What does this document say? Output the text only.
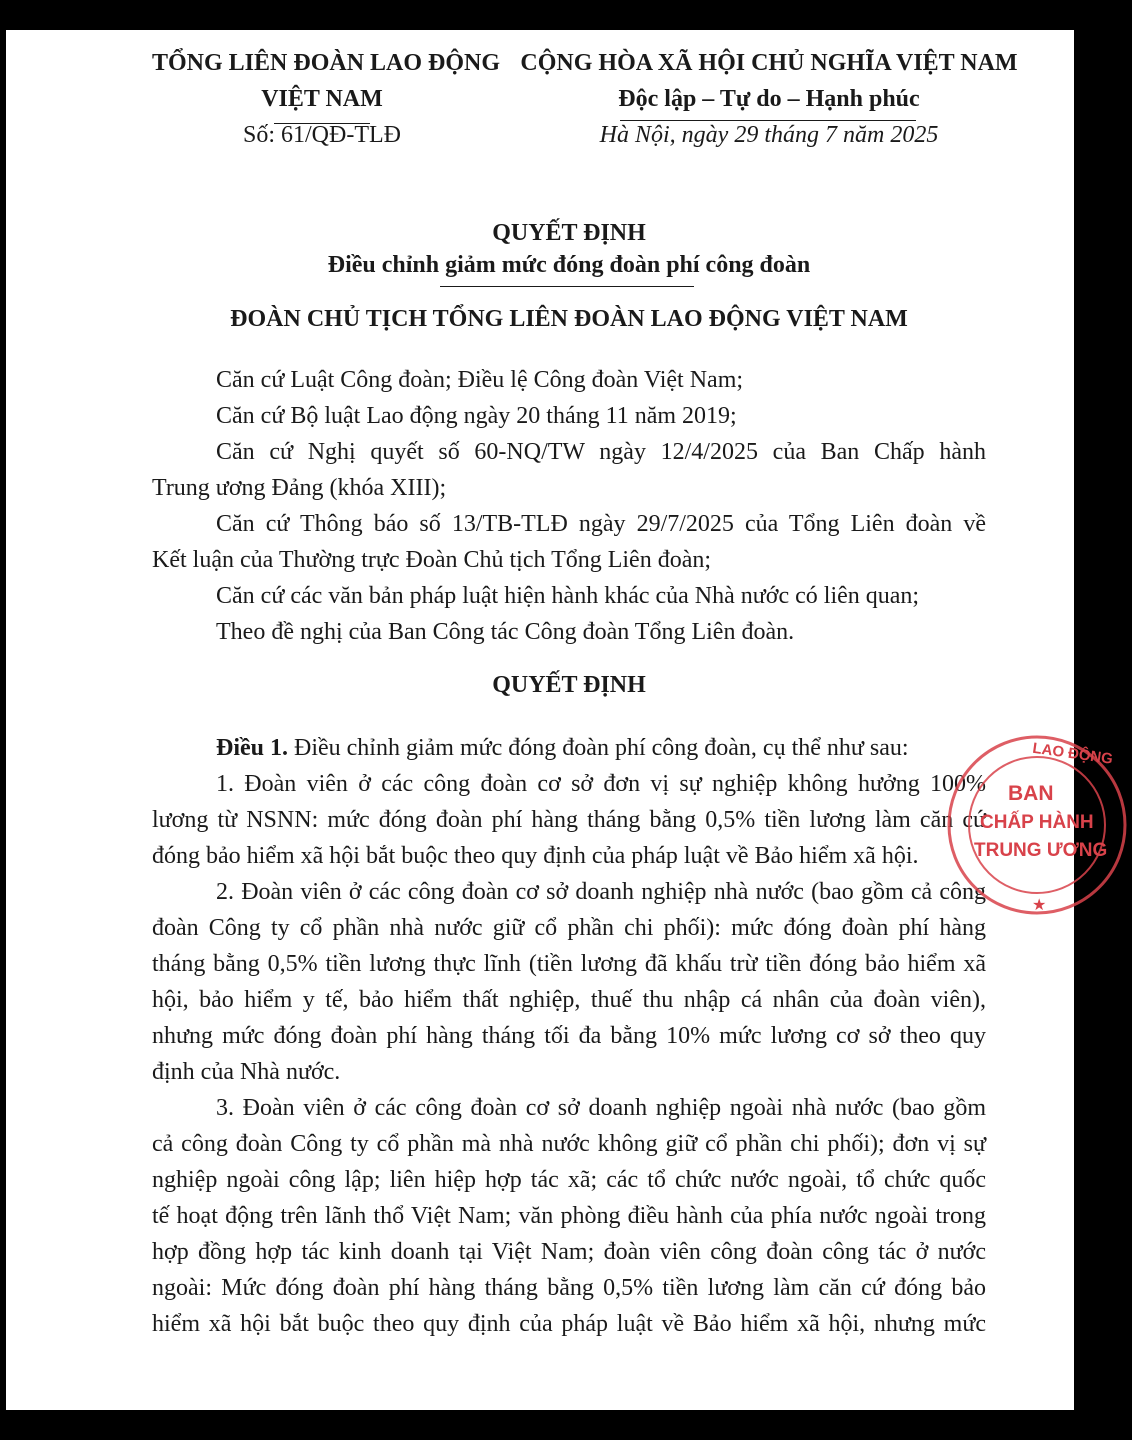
TỔNG LIÊN ĐOÀN LAO ĐỘNG
VIỆT NAM
Số: 61/QĐ-TLĐ
CỘNG HÒA XÃ HỘI CHỦ NGHĨA VIỆT NAM
Độc lập – Tự do – Hạnh phúc
Hà Nội, ngày 29 tháng 7 năm 2025
QUYẾT ĐỊNH
Điều chỉnh giảm mức đóng đoàn phí công đoàn
ĐOÀN CHỦ TỊCH TỔNG LIÊN ĐOÀN LAO ĐỘNG VIỆT NAM
Căn cứ Luật Công đoàn; Điều lệ Công đoàn Việt Nam;
Căn cứ Bộ luật Lao động ngày 20 tháng 11 năm 2019;
Căn cứ Nghị quyết số 60-NQ/TW ngày 12/4/2025 của Ban Chấp hành
Trung ương Đảng (khóa XIII);
Căn cứ Thông báo số 13/TB-TLĐ ngày 29/7/2025 của Tổng Liên đoàn về
Kết luận của Thường trực Đoàn Chủ tịch Tổng Liên đoàn;
Căn cứ các văn bản pháp luật hiện hành khác của Nhà nước có liên quan;
Theo đề nghị của Ban Công tác Công đoàn Tổng Liên đoàn.
QUYẾT ĐỊNH
Điều 1. Điều chỉnh giảm mức đóng đoàn phí công đoàn, cụ thể như sau:
1. Đoàn viên ở các công đoàn cơ sở đơn vị sự nghiệp không hưởng 100%
lương từ NSNN: mức đóng đoàn phí hàng tháng bằng 0,5% tiền lương làm căn cứ
đóng bảo hiểm xã hội bắt buộc theo quy định của pháp luật về Bảo hiểm xã hội.
2. Đoàn viên ở các công đoàn cơ sở doanh nghiệp nhà nước (bao gồm cả công
đoàn Công ty cổ phần nhà nước giữ cổ phần chi phối): mức đóng đoàn phí hàng
tháng bằng 0,5% tiền lương thực lĩnh (tiền lương đã khấu trừ tiền đóng bảo hiểm xã
hội, bảo hiểm y tế, bảo hiểm thất nghiệp, thuế thu nhập cá nhân của đoàn viên),
nhưng mức đóng đoàn phí hàng tháng tối đa bằng 10% mức lương cơ sở theo quy
định của Nhà nước.
3. Đoàn viên ở các công đoàn cơ sở doanh nghiệp ngoài nhà nước (bao gồm
cả công đoàn Công ty cổ phần mà nhà nước không giữ cổ phần chi phối); đơn vị sự
nghiệp ngoài công lập; liên hiệp hợp tác xã; các tổ chức nước ngoài, tổ chức quốc
tế hoạt động trên lãnh thổ Việt Nam; văn phòng điều hành của phía nước ngoài trong
hợp đồng hợp tác kinh doanh tại Việt Nam; đoàn viên công đoàn công tác ở nước
ngoài: Mức đóng đoàn phí hàng tháng bằng 0,5% tiền lương làm căn cứ đóng bảo
hiểm xã hội bắt buộc theo quy định của pháp luật về Bảo hiểm xã hội, nhưng mức
LAO ĐỘNG
BAN
CHẤP HÀNH
TRUNG ƯƠNG
★
